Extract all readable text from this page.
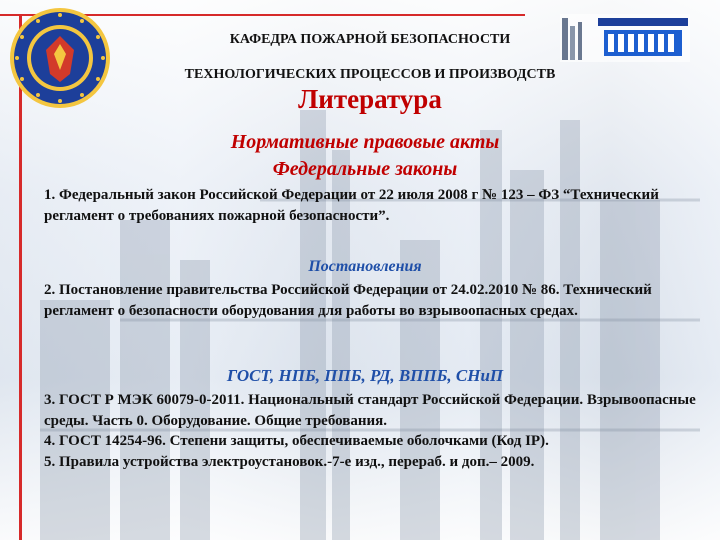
КАФЕДРА ПОЖАРНОЙ БЕЗОПАСНОСТИ
ТЕХНОЛОГИЧЕСКИХ ПРОЦЕССОВ И ПРОИЗВОДСТВ
Литература
Нормативные правовые акты
Федеральные законы
1. Федеральный закон Российской Федерации от 22 июля 2008 г № 123 – ФЗ “Технический регламент о требованиях пожарной безопасности”.
Постановления
2. Постановление правительства Российской Федерации от 24.02.2010 № 86. Технический регламент о безопасности оборудования для работы во взрывоопасных средах.
ГОСТ, НПБ, ППБ, РД, ВППБ, СНиП
3. ГОСТ Р МЭК 60079-0-2011. Национальный стандарт Российской Федерации. Взрывоопасные среды. Часть 0. Оборудование. Общие требования.
4. ГОСТ 14254-96. Степени защиты, обеспечиваемые оболочками (Код IP).
5. Правила устройства электроустановок.-7-е изд., перераб. и доп.– 2009.
